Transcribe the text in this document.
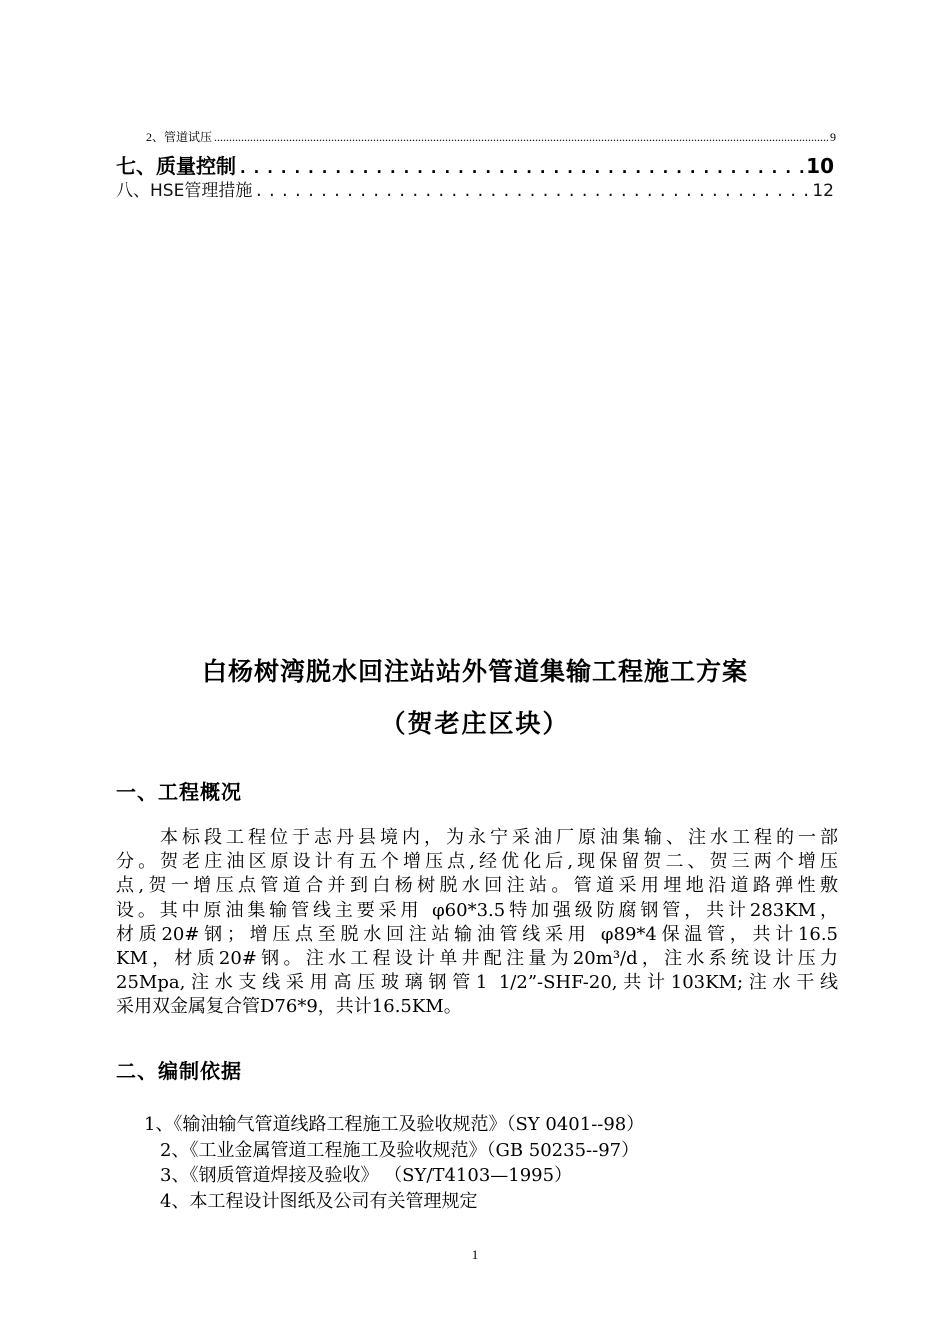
2、管道试压 .....	9
七、质量控制 .....	10
八、HSE管理措施 .....	12
白杨树湾脱水回注站站外管道集输工程施工方案
（贺老庄区块）
一、工程概况
本标段工程位于志丹县境内，为永宁采油厂原油集输、注水工程的一部
分。贺老庄油区原设计有五个增压点,经优化后,现保留贺二、贺三两个增压
点,贺一增压点管道合并到白杨树脱水回注站。管道采用埋地沿道路弹性敷
设。其中原油集输管线主要采用 φ60*3.5特加强级防腐钢管，共计283KM，
材质20#钢；增压点至脱水回注站输油管线采用 φ89*4保温管，共计16.5
KM，材质20#钢。注水工程设计单井配注量为20m³/d，注水系统设计压力
25Mpa,注水支线采用高压玻璃钢管1 1/2”-SHF-20,共计103KM;注水干线
采用双金属复合管D76*9，共计16.5KM。
二、编制依据
1、《输油输气管道线路工程施工及验收规范》（SY 0401--98）
2、《工业金属管道工程施工及验收规范》（GB 50235--97）
3、《钢质管道焊接及验收》 （SY/T4103—1995）
4、本工程设计图纸及公司有关管理规定
1
